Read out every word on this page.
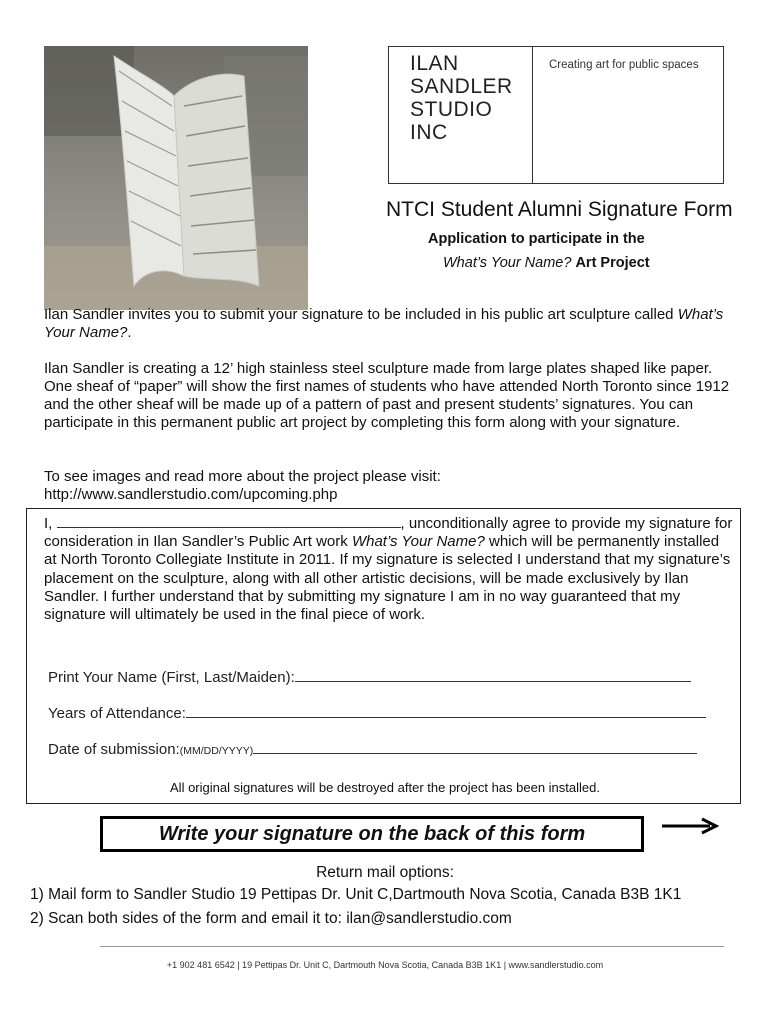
ILAN
SANDLER
STUDIO
INC
Creating art for public spaces
NTCI Student Alumni Signature Form
Application to participate in the
What’s Your Name? Art Project
Ilan Sandler invites you to submit your signature to be included in his public art sculpture called What’s Your Name?.
Ilan Sandler is creating a 12’ high stainless steel sculpture made from large plates shaped like paper. One sheaf of “paper” will show the first names of students who have attended North Toronto since 1912 and the other sheaf will be made up of a pattern of past and present students’ signatures. You can participate in this permanent public art project by completing this form along with your signature.
To see images and read more about the project please visit:
http://www.sandlerstudio.com/upcoming.php
I,	, unconditionally agree to provide my signature for consideration in Ilan Sandler’s Public Art work What’s Your Name? which will be permanently installed at North Toronto Collegiate Institute in 2011. If my signature is selected I understand that my signature’s placement on the sculpture, along with all other artistic decisions, will be made exclusively by Ilan Sandler. I further understand that by submitting my signature I am in no way guaranteed that my signature will ultimately be used in the final piece of work.
Print Your Name (First, Last/Maiden):
Years of Attendance:
Date of submission:(MM/DD/YYYY)
All original signatures will be destroyed after the project has been installed.
Write your signature on the back of this form
Return mail options:
1) Mail form to Sandler Studio 19 Pettipas Dr. Unit C,Dartmouth Nova Scotia, Canada B3B 1K1
2) Scan both sides of the form and email it to: ilan@sandlerstudio.com
+1 902 481 6542 | 19 Pettipas Dr. Unit C, Dartmouth Nova Scotia, Canada B3B 1K1 | www.sandlerstudio.com
